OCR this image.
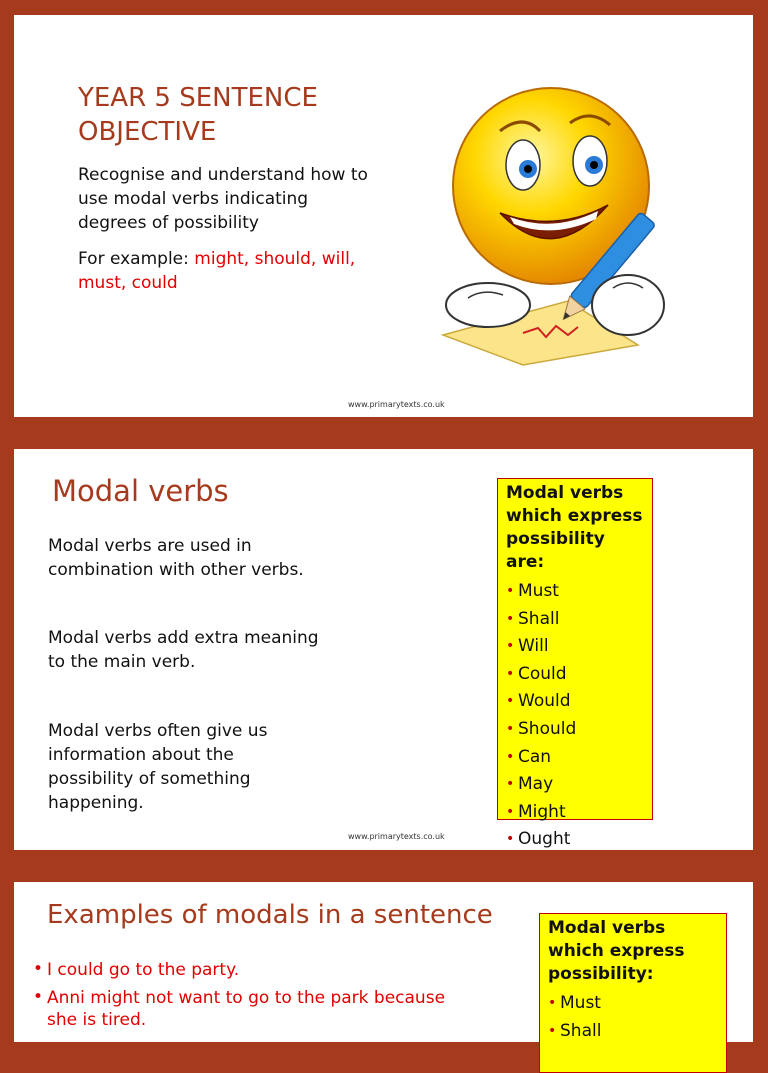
YEAR 5 SENTENCE
OBJECTIVE
Recognise and understand how to use modal verbs indicating degrees of possibility
For example: might, should, will, must, could
www.primarytexts.co.uk
Modal verbs
Modal verbs are used in combination with other verbs.
Modal verbs add extra meaning to the main verb.
Modal verbs often give us information about the possibility of something happening.
Modal verbs which express possibility are:
• Must
• Shall
• Will
• Could
• Would
• Should
• Can
• May
• Might
• Ought
www.primarytexts.co.uk
Examples of modals in a sentence
• I could go to the party.
• Anni might not want to go to the park because she is tired.
Modal verbs which express possibility:
• Must
• Shall
